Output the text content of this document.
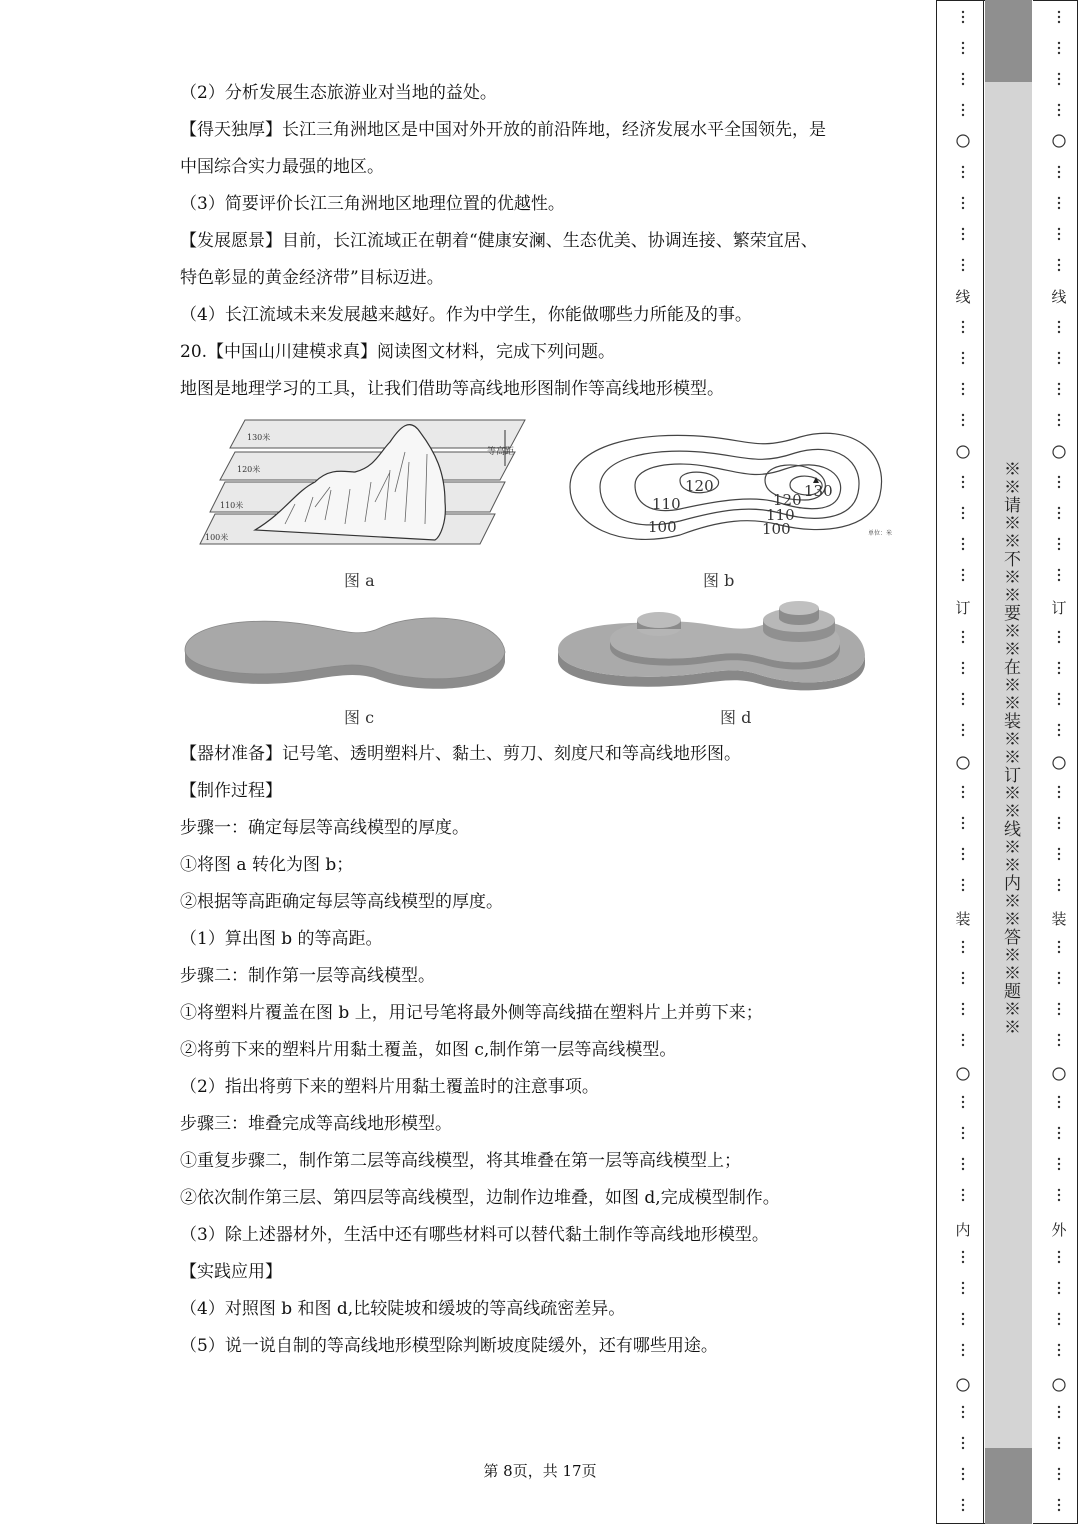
（2）分析发展生态旅游业对当地的益处。
【得天独厚】长江三角洲地区是中国对外开放的前沿阵地，经济发展水平全国领先，是
中国综合实力最强的地区。
（3）简要评价长江三角洲地区地理位置的优越性。
【发展愿景】目前，长江流域正在朝着“健康安澜、生态优美、协调连接、繁荣宜居、
特色彰显的黄金经济带”目标迈进。
（4）长江流域未来发展越来越好。作为中学生，你能做哪些力所能及的事。
20.【中国山川建模求真】阅读图文材料，完成下列问题。
地图是地理学习的工具，让我们借助等高线地形图制作等高线地形模型。
130米
120米
110米
100米
等高距
图 a
120
110
100
120
110
100
130
单位：米
图 b
图 c	图 d
【器材准备】记号笔、透明塑料片、黏土、剪刀、刻度尺和等高线地形图。
【制作过程】
步骤一：确定每层等高线模型的厚度。
①将图 a 转化为图 b；
②根据等高距确定每层等高线模型的厚度。
（1）算出图 b 的等高距。
步骤二：制作第一层等高线模型。
①将塑料片覆盖在图 b 上，用记号笔将最外侧等高线描在塑料片上并剪下来；
②将剪下来的塑料片用黏土覆盖，如图 c,制作第一层等高线模型。
（2）指出将剪下来的塑料片用黏土覆盖时的注意事项。
步骤三：堆叠完成等高线地形模型。
①重复步骤二，制作第二层等高线模型，将其堆叠在第一层等高线模型上；
②依次制作第三层、第四层等高线模型，边制作边堆叠，如图 d,完成模型制作。
（3）除上述器材外，生活中还有哪些材料可以替代黏土制作等高线地形模型。
【实践应用】
（4）对照图 b 和图 d,比较陡坡和缓坡的等高线疏密差异。
（5）说一说自制的等高线地形模型除判断坡度陡缓外，还有哪些用途。
第 8页，共 17页
※※请※※不※※要※※在※※装※※订※※线※※内※※答※※题※※
线
订
装
内
线
订
装
外
